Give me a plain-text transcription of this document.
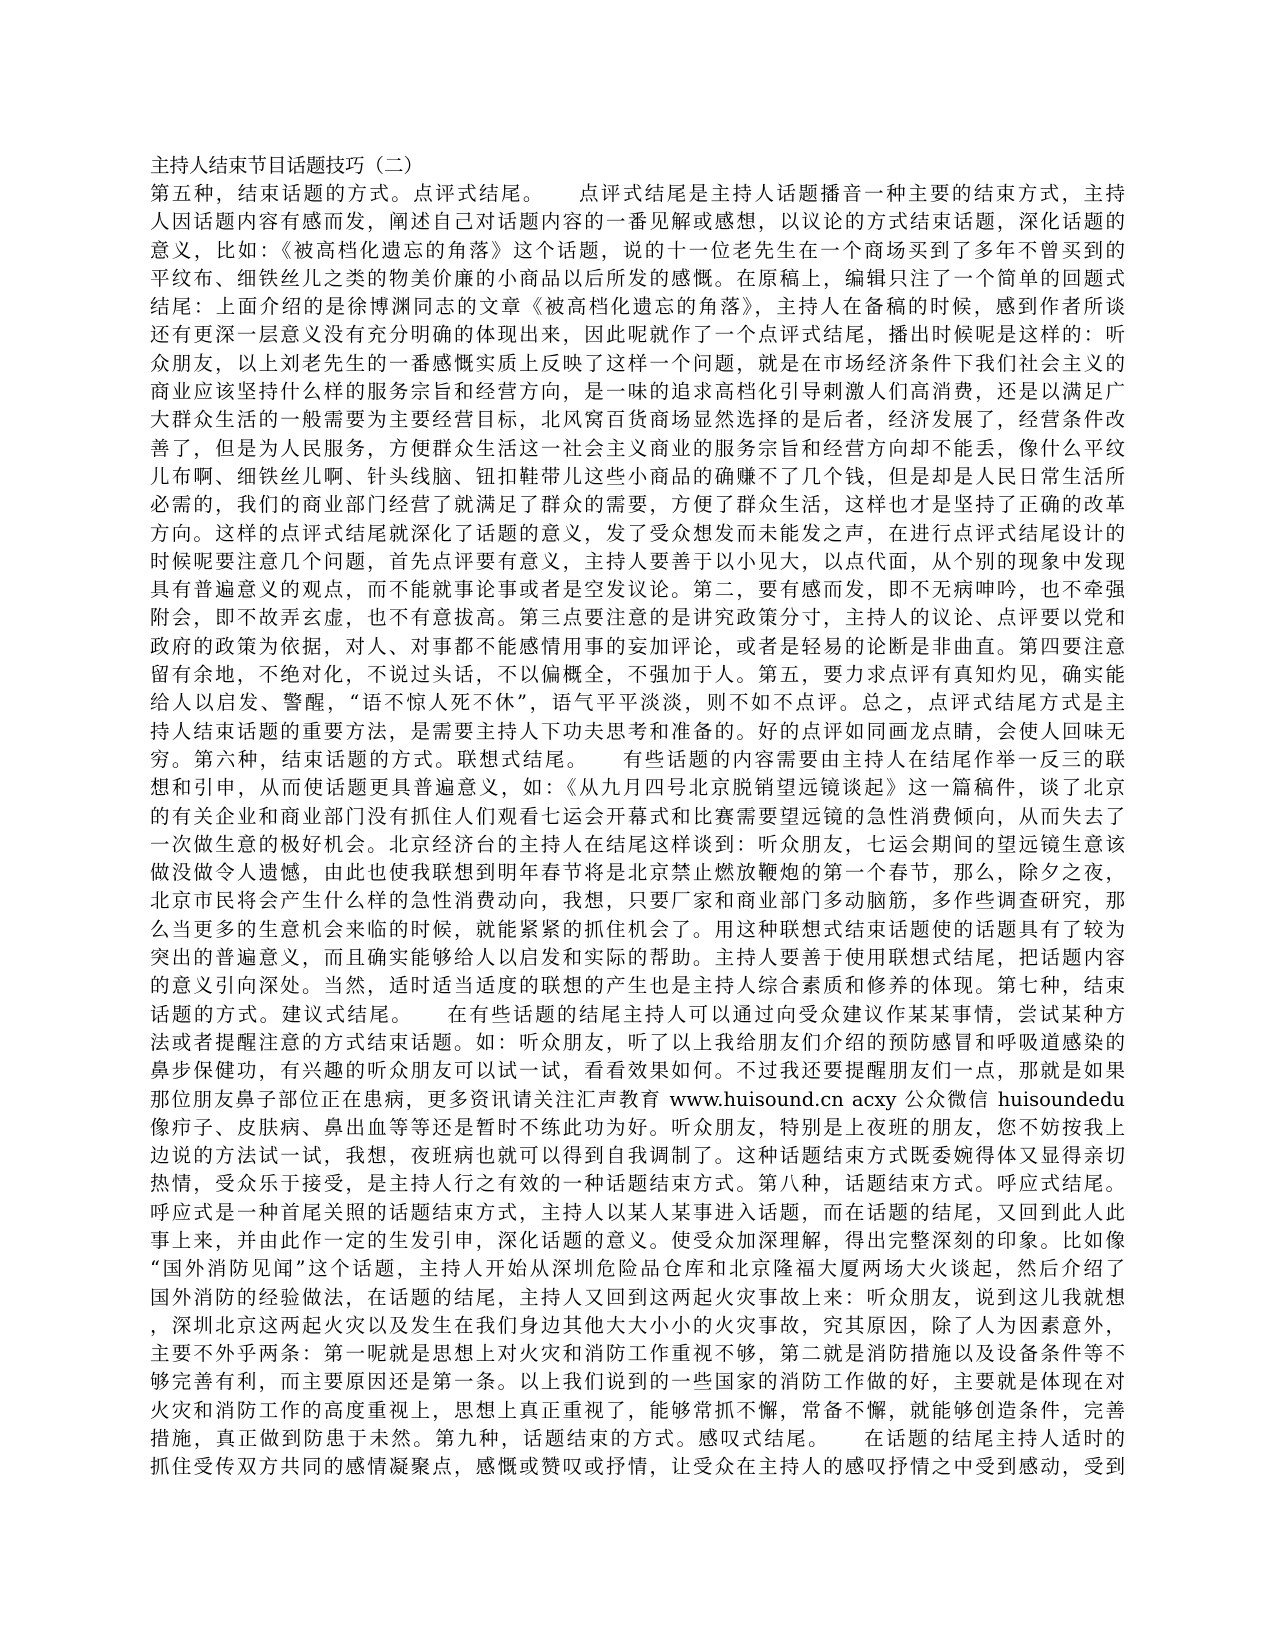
主持人结束节目话题技巧（二）
第五种，结束话题的方式。点评式结尾。　　点评式结尾是主持人话题播音一种主要的结束方式，主持
人因话题内容有感而发，阐述自己对话题内容的一番见解或感想，以议论的方式结束话题，深化话题的
意义，比如：《被高档化遗忘的角落》这个话题，说的十一位老先生在一个商场买到了多年不曾买到的
平纹布、细铁丝儿之类的物美价廉的小商品以后所发的感慨。在原稿上，编辑只注了一个简单的回题式
结尾：上面介绍的是徐博渊同志的文章《被高档化遗忘的角落》，主持人在备稿的时候，感到作者所谈
还有更深一层意义没有充分明确的体现出来，因此呢就作了一个点评式结尾，播出时候呢是这样的：听
众朋友，以上刘老先生的一番感慨实质上反映了这样一个问题，就是在市场经济条件下我们社会主义的
商业应该坚持什么样的服务宗旨和经营方向，是一味的追求高档化引导刺激人们高消费，还是以满足广
大群众生活的一般需要为主要经营目标，北风窝百货商场显然选择的是后者，经济发展了，经营条件改
善了，但是为人民服务，方便群众生活这一社会主义商业的服务宗旨和经营方向却不能丢，像什么平纹
儿布啊、细铁丝儿啊、针头线脑、钮扣鞋带儿这些小商品的确赚不了几个钱，但是却是人民日常生活所
必需的，我们的商业部门经营了就满足了群众的需要，方便了群众生活，这样也才是坚持了正确的改革
方向。这样的点评式结尾就深化了话题的意义，发了受众想发而未能发之声，在进行点评式结尾设计的
时候呢要注意几个问题，首先点评要有意义，主持人要善于以小见大，以点代面，从个别的现象中发现
具有普遍意义的观点，而不能就事论事或者是空发议论。第二，要有感而发，即不无病呻吟，也不牵强
附会，即不故弄玄虚，也不有意拔高。第三点要注意的是讲究政策分寸，主持人的议论、点评要以党和
政府的政策为依据，对人、对事都不能感情用事的妄加评论，或者是轻易的论断是非曲直。第四要注意
留有余地，不绝对化，不说过头话，不以偏概全，不强加于人。第五，要力求点评有真知灼见，确实能
给人以启发、警醒，“语不惊人死不休”，语气平平淡淡，则不如不点评。总之，点评式结尾方式是主
持人结束话题的重要方法，是需要主持人下功夫思考和准备的。好的点评如同画龙点睛，会使人回味无
穷。第六种，结束话题的方式。联想式结尾。　　有些话题的内容需要由主持人在结尾作举一反三的联
想和引申，从而使话题更具普遍意义，如：《从九月四号北京脱销望远镜谈起》这一篇稿件，谈了北京
的有关企业和商业部门没有抓住人们观看七运会开幕式和比赛需要望远镜的急性消费倾向，从而失去了
一次做生意的极好机会。北京经济台的主持人在结尾这样谈到：听众朋友，七运会期间的望远镜生意该
做没做令人遗憾，由此也使我联想到明年春节将是北京禁止燃放鞭炮的第一个春节，那么，除夕之夜，
北京市民将会产生什么样的急性消费动向，我想，只要厂家和商业部门多动脑筋，多作些调查研究，那
么当更多的生意机会来临的时候，就能紧紧的抓住机会了。用这种联想式结束话题使的话题具有了较为
突出的普遍意义，而且确实能够给人以启发和实际的帮助。主持人要善于使用联想式结尾，把话题内容
的意义引向深处。当然，适时适当适度的联想的产生也是主持人综合素质和修养的体现。第七种，结束
话题的方式。建议式结尾。　　在有些话题的结尾主持人可以通过向受众建议作某某事情，尝试某种方
法或者提醒注意的方式结束话题。如：听众朋友，听了以上我给朋友们介绍的预防感冒和呼吸道感染的
鼻步保健功，有兴趣的听众朋友可以试一试，看看效果如何。不过我还要提醒朋友们一点，那就是如果
那位朋友鼻子部位正在患病，更多资讯请关注汇声教育 www.huisound.cn acxy 公众微信 huisoundedu
像疖子、皮肤病、鼻出血等等还是暂时不练此功为好。听众朋友，特别是上夜班的朋友，您不妨按我上
边说的方法试一试，我想，夜班病也就可以得到自我调制了。这种话题结束方式既委婉得体又显得亲切
热情，受众乐于接受，是主持人行之有效的一种话题结束方式。第八种，话题结束方式。呼应式结尾。
呼应式是一种首尾关照的话题结束方式，主持人以某人某事进入话题，而在话题的结尾，又回到此人此
事上来，并由此作一定的生发引申，深化话题的意义。使受众加深理解，得出完整深刻的印象。比如像
“国外消防见闻”这个话题，主持人开始从深圳危险品仓库和北京隆福大厦两场大火谈起，然后介绍了
国外消防的经验做法，在话题的结尾，主持人又回到这两起火灾事故上来：听众朋友，说到这儿我就想
，深圳北京这两起火灾以及发生在我们身边其他大大小小的火灾事故，究其原因，除了人为因素意外，
主要不外乎两条：第一呢就是思想上对火灾和消防工作重视不够，第二就是消防措施以及设备条件等不
够完善有利，而主要原因还是第一条。以上我们说到的一些国家的消防工作做的好，主要就是体现在对
火灾和消防工作的高度重视上，思想上真正重视了，能够常抓不懈，常备不懈，就能够创造条件，完善
措施，真正做到防患于未然。第九种，话题结束的方式。感叹式结尾。　　在话题的结尾主持人适时的
抓住受传双方共同的感情凝聚点，感慨或赞叹或抒情，让受众在主持人的感叹抒情之中受到感动，受到
